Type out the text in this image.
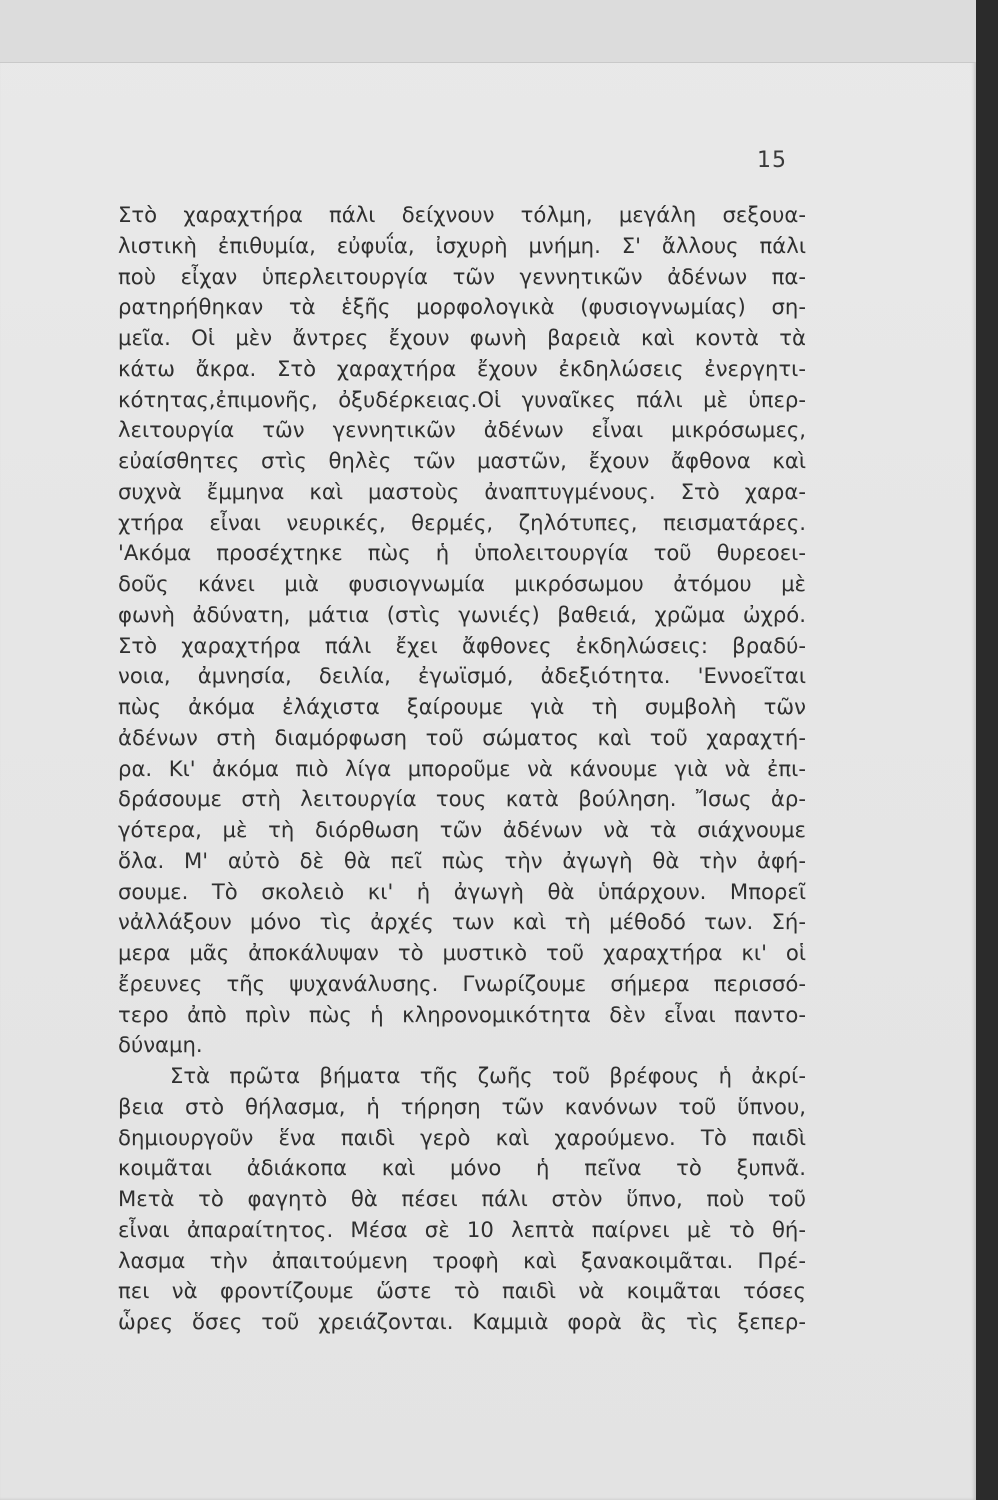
15
Στὸ χαραχτήρα πάλι δείχνουν τόλμη, μεγάλη σεξουα-
λιστικὴ ἐπιθυμία, εὐφυΐα, ἰσχυρὴ μνήμη. Σ' ἄλλους πάλι
ποὺ εἶχαν ὑπερλειτουργία τῶν γεννητικῶν ἀδένων πα-
ρατηρήθηκαν τὰ ἑξῆς μορφολογικὰ (φυσιογνωμίας) ση-
μεῖα. Οἱ μὲν ἄντρες ἔχουν φωνὴ βαρειὰ καὶ κοντὰ τὰ
κάτω ἄκρα. Στὸ χαραχτήρα ἔχουν ἐκδηλώσεις ἐνεργητι-
κότητας,ἐπιμονῆς, ὀξυδέρκειας.Οἱ γυναῖκες πάλι μὲ ὑπερ-
λειτουργία τῶν γεννητικῶν ἀδένων εἶναι μικρόσωμες,
εὐαίσθητες στὶς θηλὲς τῶν μαστῶν, ἔχουν ἄφθονα καὶ
συχνὰ ἔμμηνα καὶ μαστοὺς ἀναπτυγμένους. Στὸ χαρα-
χτήρα εἶναι νευρικές, θερμές, ζηλότυπες, πεισματάρες.
'Ακόμα προσέχτηκε πὼς ἡ ὑπολειτουργία τοῦ θυρεοει-
δοῦς κάνει μιὰ φυσιογνωμία μικρόσωμου ἀτόμου μὲ
φωνὴ ἀδύνατη, μάτια (στὶς γωνιές) βαθειά, χρῶμα ὠχρό.
Στὸ χαραχτήρα πάλι ἔχει ἄφθονες ἐκδηλώσεις: βραδύ-
νοια, ἀμνησία, δειλία, ἐγωϊσμό, ἀδεξιότητα. 'Εννοεῖται
πὼς ἀκόμα ἐλάχιστα ξαίρουμε γιὰ τὴ συμβολὴ τῶν
ἀδένων στὴ διαμόρφωση τοῦ σώματος καὶ τοῦ χαραχτή-
ρα. Κι' ἀκόμα πιὸ λίγα μποροῦμε νὰ κάνουμε γιὰ νὰ ἐπι-
δράσουμε στὴ λειτουργία τους κατὰ βούληση. Ἴσως ἀρ-
γότερα, μὲ τὴ διόρθωση τῶν ἀδένων νὰ τὰ σιάχνουμε
ὅλα. Μ' αὐτὸ δὲ θὰ πεῖ πὼς τὴν ἀγωγὴ θὰ τὴν ἀφή-
σουμε. Τὸ σκολειὸ κι' ἡ ἀγωγὴ θὰ ὑπάρχουν. Μπορεῖ
νἀλλάξουν μόνο τὶς ἀρχές των καὶ τὴ μέθοδό των. Σή-
μερα μᾶς ἀποκάλυψαν τὸ μυστικὸ τοῦ χαραχτήρα κι' οἱ
ἔρευνες τῆς ψυχανάλυσης. Γνωρίζουμε σήμερα περισσό-
τερο ἀπὸ πρὶν πὼς ἡ κληρονομικότητα δὲν εἶναι παντο-
δύναμη.
Στὰ πρῶτα βήματα τῆς ζωῆς τοῦ βρέφους ἡ ἀκρί-
βεια στὸ θήλασμα, ἡ τήρηση τῶν κανόνων τοῦ ὕπνου,
δημιουργοῦν ἕνα παιδὶ γερὸ καὶ χαρούμενο. Τὸ παιδὶ
κοιμᾶται ἀδιάκοπα καὶ μόνο ἡ πεῖνα τὸ ξυπνᾶ.
Μετὰ τὸ φαγητὸ θὰ πέσει πάλι στὸν ὕπνο, ποὺ τοῦ
εἶναι ἀπαραίτητος. Μέσα σὲ 10 λεπτὰ παίρνει μὲ τὸ θή-
λασμα τὴν ἀπαιτούμενη τροφὴ καὶ ξανακοιμᾶται. Πρέ-
πει νὰ φροντίζουμε ὥστε τὸ παιδὶ νὰ κοιμᾶται τόσες
ὧρες ὅσες τοῦ χρειάζονται. Καμμιὰ φορὰ ἂς τὶς ξεπερ-
